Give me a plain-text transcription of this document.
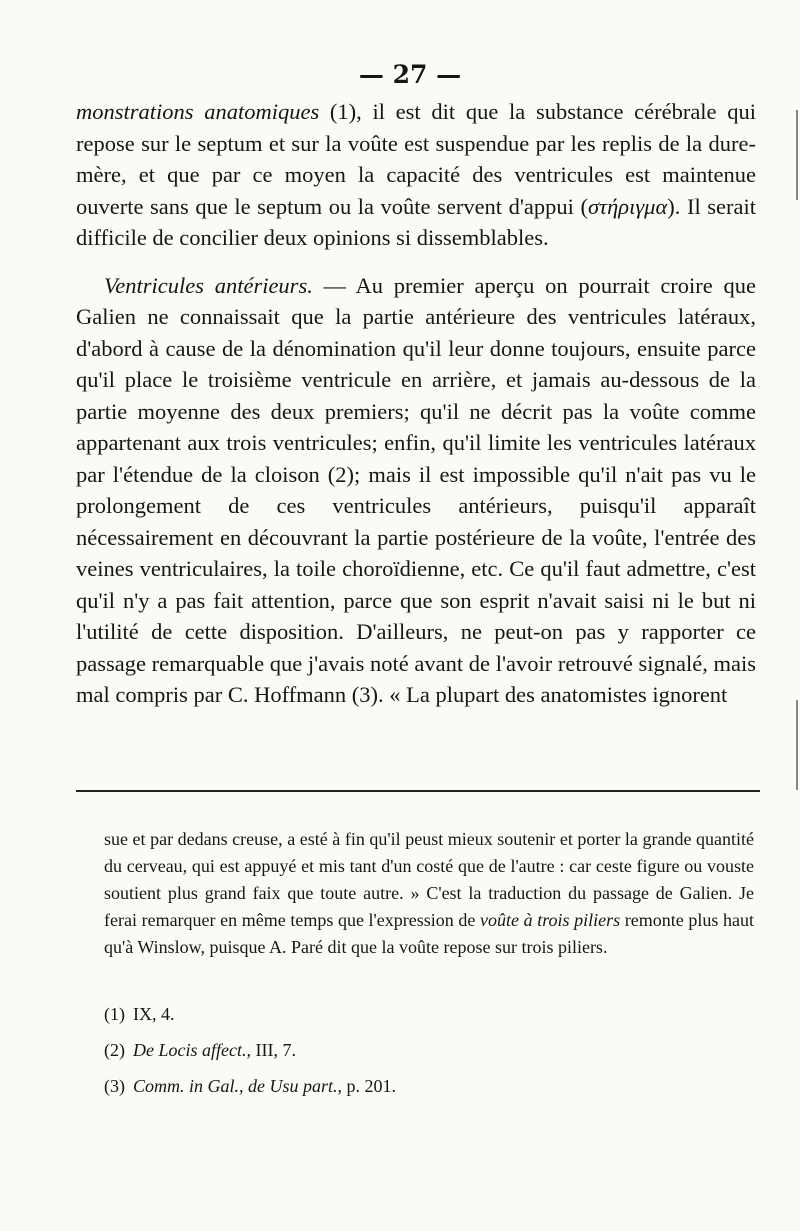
— 27 —

monstrations anatomiques (1), il est dit que la substance cérébrale qui repose sur le septum et sur la voûte est suspendue par les replis de la dure-mère, et que par ce moyen la capacité des ventricules est maintenue ouverte sans que le septum ou la voûte servent d'appui (στήριγμα). Il serait difficile de concilier deux opinions si dissemblables.

Ventricules antérieurs. — Au premier aperçu on pourrait croire que Galien ne connaissait que la partie antérieure des ventricules latéraux, d'abord à cause de la dénomination qu'il leur donne toujours, ensuite parce qu'il place le troisième ventricule en arrière, et jamais au-dessous de la partie moyenne des deux premiers; qu'il ne décrit pas la voûte comme appartenant aux trois ventricules; enfin, qu'il limite les ventricules latéraux par l'étendue de la cloison (2); mais il est impossible qu'il n'ait pas vu le prolongement de ces ventricules antérieurs, puisqu'il apparaît nécessairement en découvrant la partie postérieure de la voûte, l'entrée des veines ventriculaires, la toile choroïdienne, etc. Ce qu'il faut admettre, c'est qu'il n'y a pas fait attention, parce que son esprit n'avait saisi ni le but ni l'utilité de cette disposition. D'ailleurs, ne peut-on pas y rapporter ce passage remarquable que j'avais noté avant de l'avoir retrouvé signalé, mais mal compris par C. Hoffmann (3). « La plupart des anatomistes ignorent

sue et par dedans creuse, a esté à fin qu'il peust mieux soutenir et porter la grande quantité du cerveau, qui est appuyé et mis tant d'un costé que de l'autre : car ceste figure ou vouste soutient plus grand faix que toute autre. » C'est la traduction du passage de Galien. Je ferai remarquer en même temps que l'expression de voûte à trois piliers remonte plus haut qu'à Winslow, puisque A. Paré dit que la voûte repose sur trois piliers.
(1) IX, 4.
(2) De Locis affect., III, 7.
(3) Comm. in Gal., de Usu part., p. 201.
